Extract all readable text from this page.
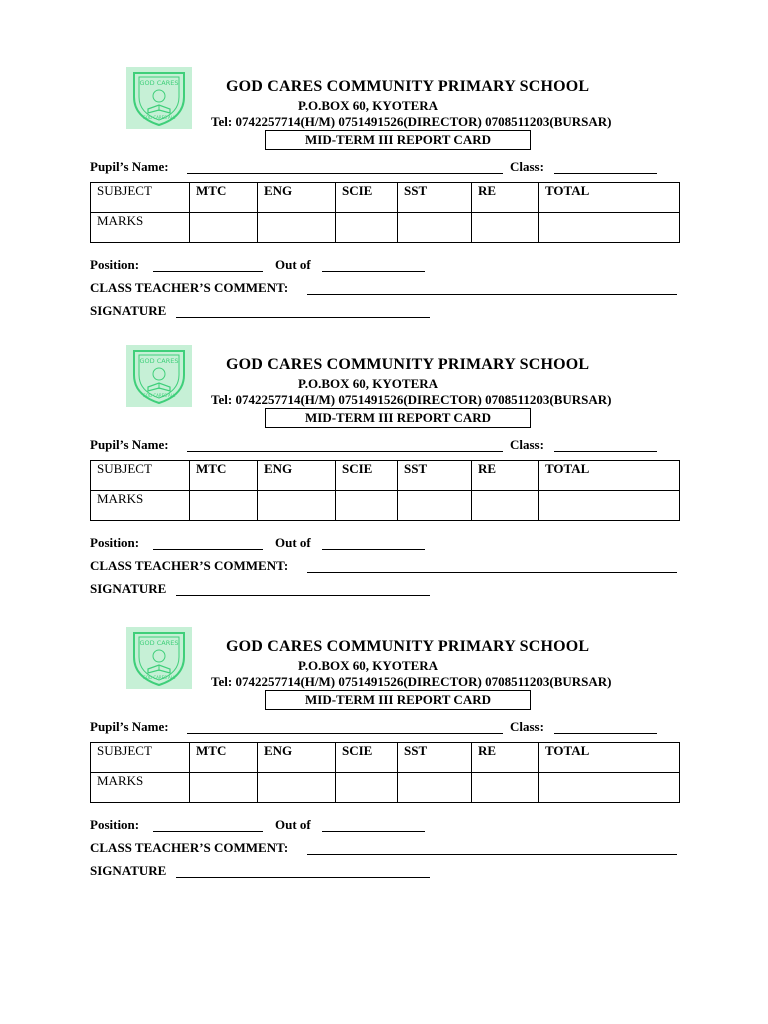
GOD CARES
GOD CARES ALL
GOD CARES COMMUNITY PRIMARY SCHOOL
P.O.BOX 60, KYOTERA
Tel: 0742257714(H/M) 0751491526(DIRECTOR) 0708511203(BURSAR)
MID-TERM III REPORT CARD
Pupil’s Name:	Class:
SUBJECT	MTC	ENG	SCIE	SST	RE	TOTAL
MARKS						
Position:	Out of
CLASS TEACHER’S COMMENT:
SIGNATURE
GOD CARES
GOD CARES ALL
GOD CARES COMMUNITY PRIMARY SCHOOL
P.O.BOX 60, KYOTERA
Tel: 0742257714(H/M) 0751491526(DIRECTOR) 0708511203(BURSAR)
MID-TERM III REPORT CARD
Pupil’s Name:	Class:
SUBJECT	MTC	ENG	SCIE	SST	RE	TOTAL
MARKS						
Position:	Out of
CLASS TEACHER’S COMMENT:
SIGNATURE
GOD CARES
GOD CARES ALL
GOD CARES COMMUNITY PRIMARY SCHOOL
P.O.BOX 60, KYOTERA
Tel: 0742257714(H/M) 0751491526(DIRECTOR) 0708511203(BURSAR)
MID-TERM III REPORT CARD
Pupil’s Name:	Class:
SUBJECT	MTC	ENG	SCIE	SST	RE	TOTAL
MARKS						
Position:	Out of
CLASS TEACHER’S COMMENT:
SIGNATURE
